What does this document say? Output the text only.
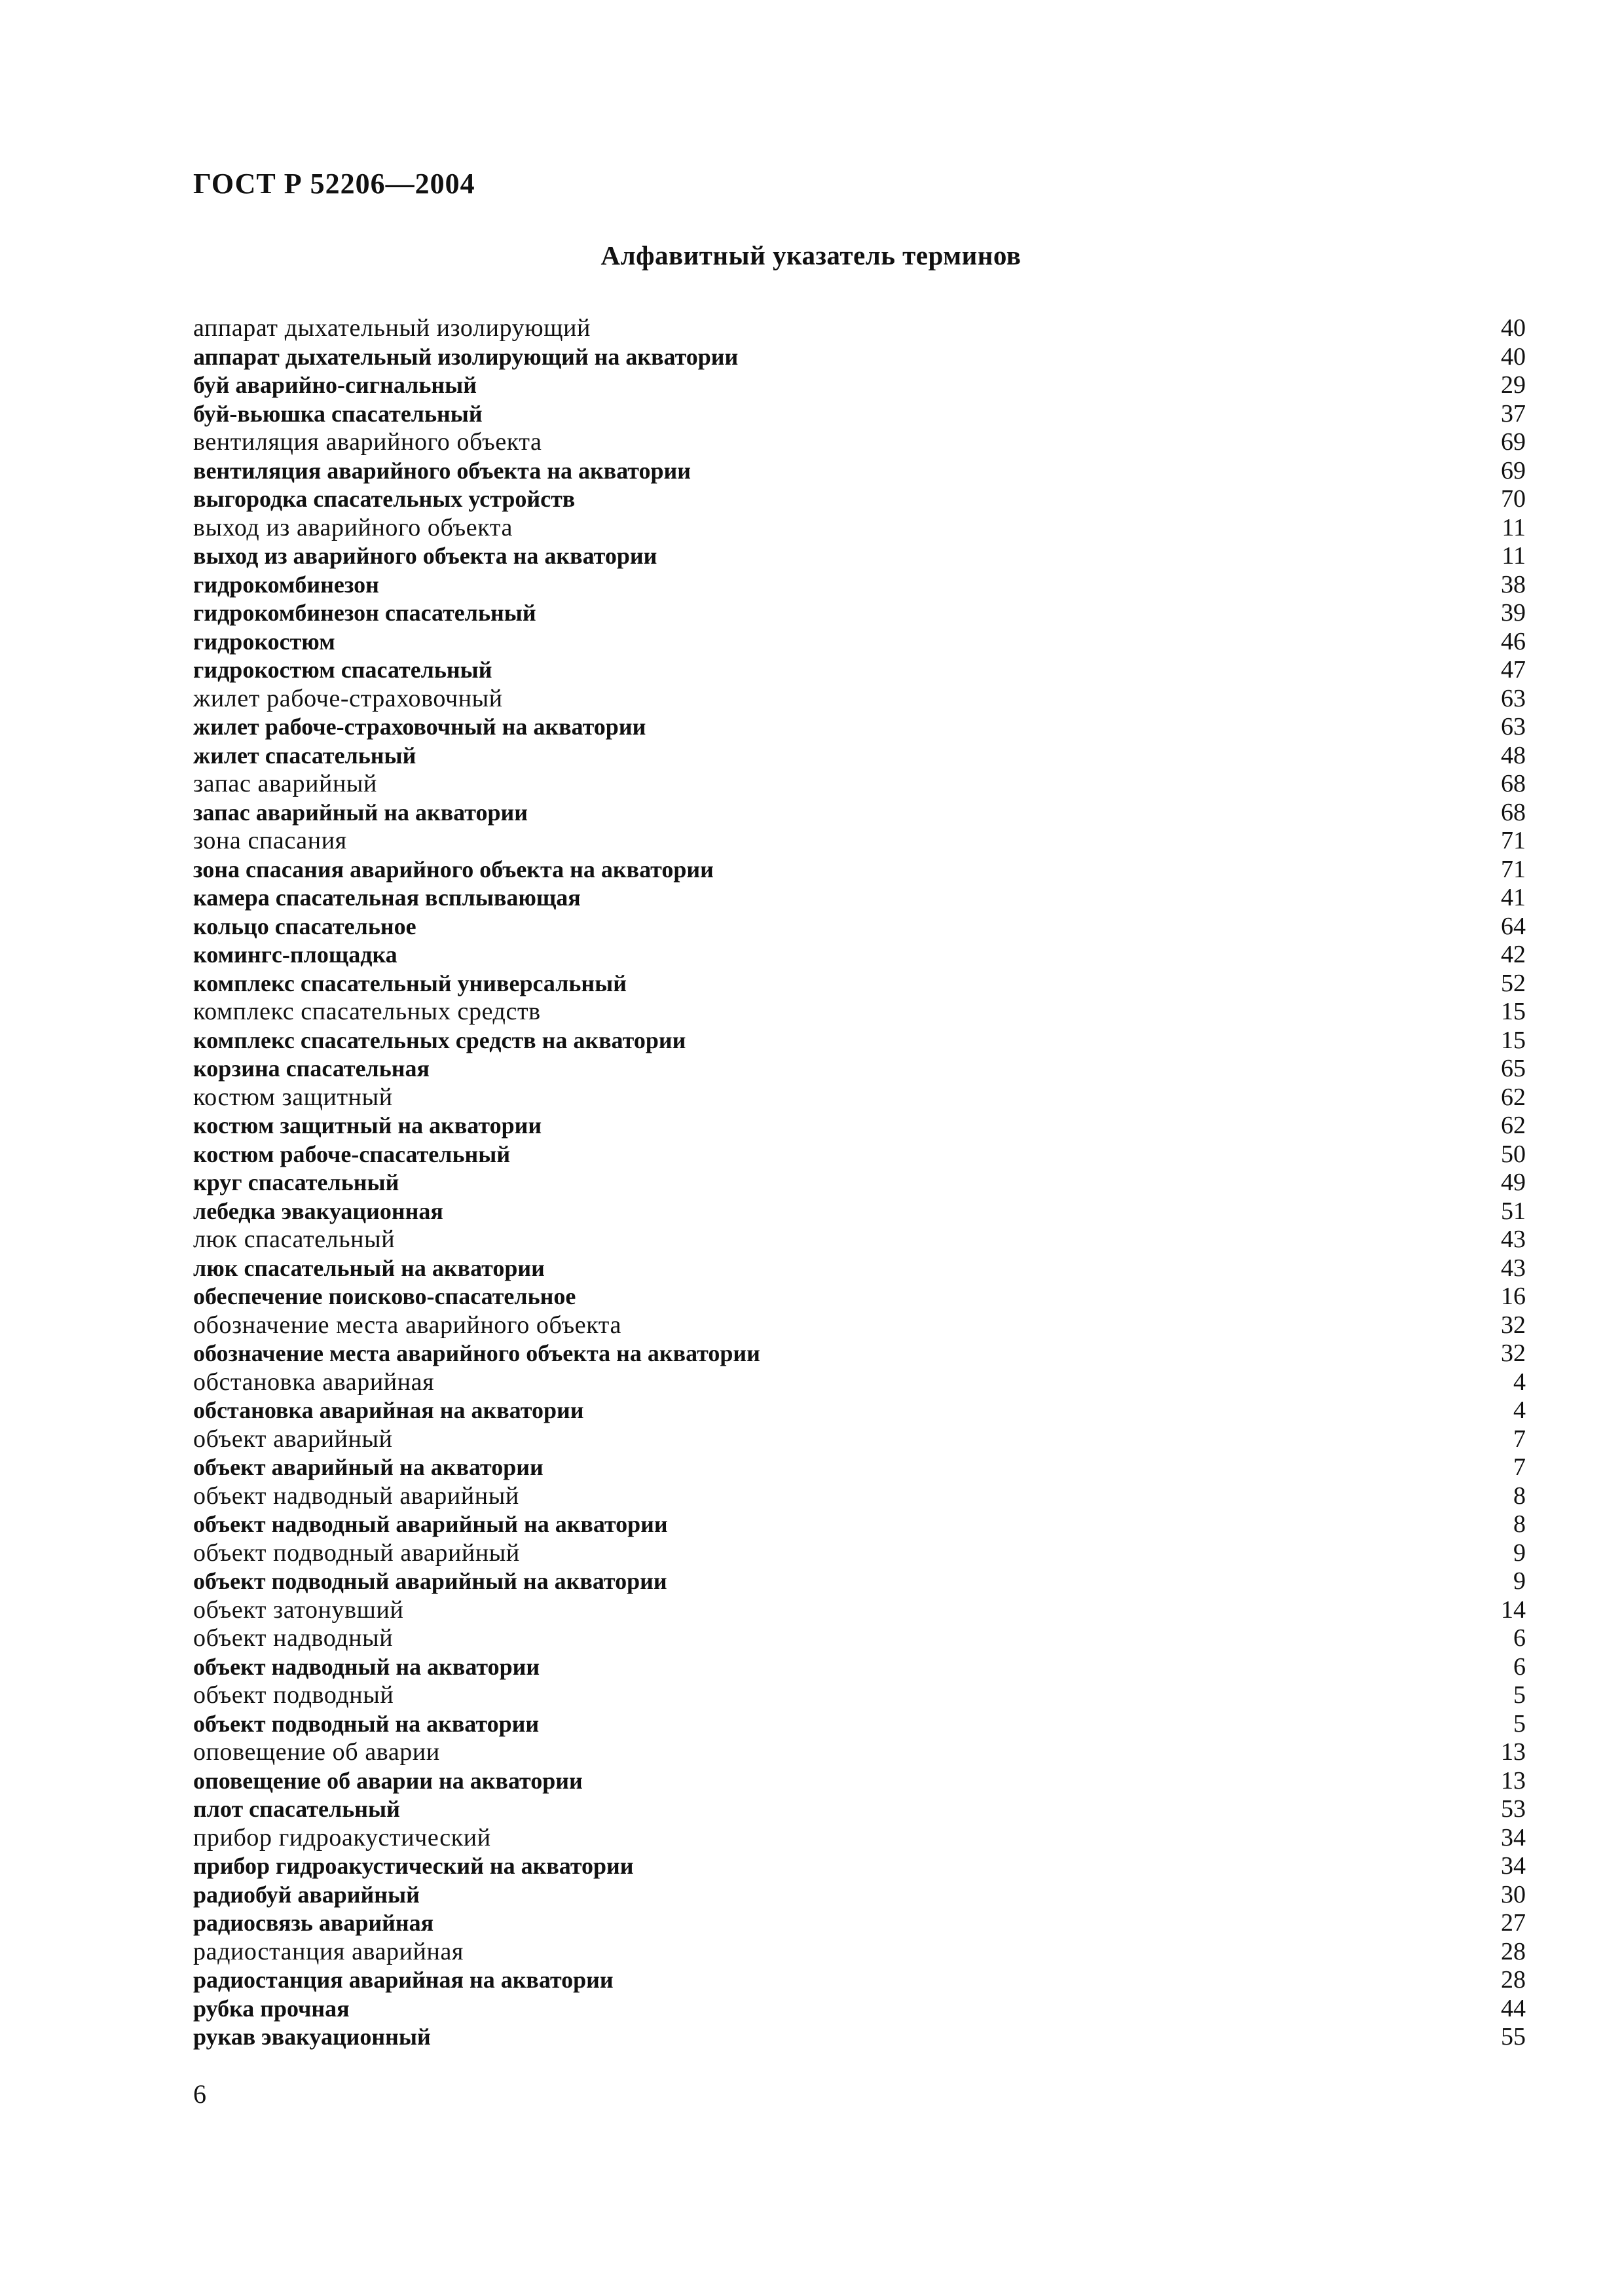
ГОСТ Р 52206—2004
Алфавитный указатель терминов
аппарат дыхательный изолирующий	40
аппарат дыхательный изолирующий на акватории	40
буй аварийно-сигнальный	29
буй-вьюшка спасательный	37
вентиляция аварийного объекта	69
вентиляция аварийного объекта на акватории	69
выгородка спасательных устройств	70
выход из аварийного объекта	11
выход из аварийного объекта на акватории	11
гидрокомбинезон	38
гидрокомбинезон спасательный	39
гидрокостюм	46
гидрокостюм спасательный	47
жилет рабоче-страховочный	63
жилет рабоче-страховочный на акватории	63
жилет спасательный	48
запас аварийный	68
запас аварийный на акватории	68
зона спасания	71
зона спасания аварийного объекта на акватории	71
камера спасательная всплывающая	41
кольцо спасательное	64
комингс-площадка	42
комплекс спасательный универсальный	52
комплекс спасательных средств	15
комплекс спасательных средств на акватории	15
корзина спасательная	65
костюм защитный	62
костюм защитный на акватории	62
костюм рабоче-спасательный	50
круг спасательный	49
лебедка эвакуационная	51
люк спасательный	43
люк спасательный на акватории	43
обеспечение поисково-спасательное	16
обозначение места аварийного объекта	32
обозначение места аварийного объекта на акватории	32
обстановка аварийная	4
обстановка аварийная на акватории	4
объект аварийный	7
объект аварийный на акватории	7
объект надводный аварийный	8
объект надводный аварийный на акватории	8
объект подводный аварийный	9
объект подводный аварийный на акватории	9
объект затонувший	14
объект надводный	6
объект надводный на акватории	6
объект подводный	5
объект подводный на акватории	5
оповещение об аварии	13
оповещение об аварии на акватории	13
плот спасательный	53
прибор гидроакустический	34
прибор гидроакустический на акватории	34
радиобуй аварийный	30
радиосвязь аварийная	27
радиостанция аварийная	28
радиостанция аварийная на акватории	28
рубка прочная	44
рукав эвакуационный	55
6
